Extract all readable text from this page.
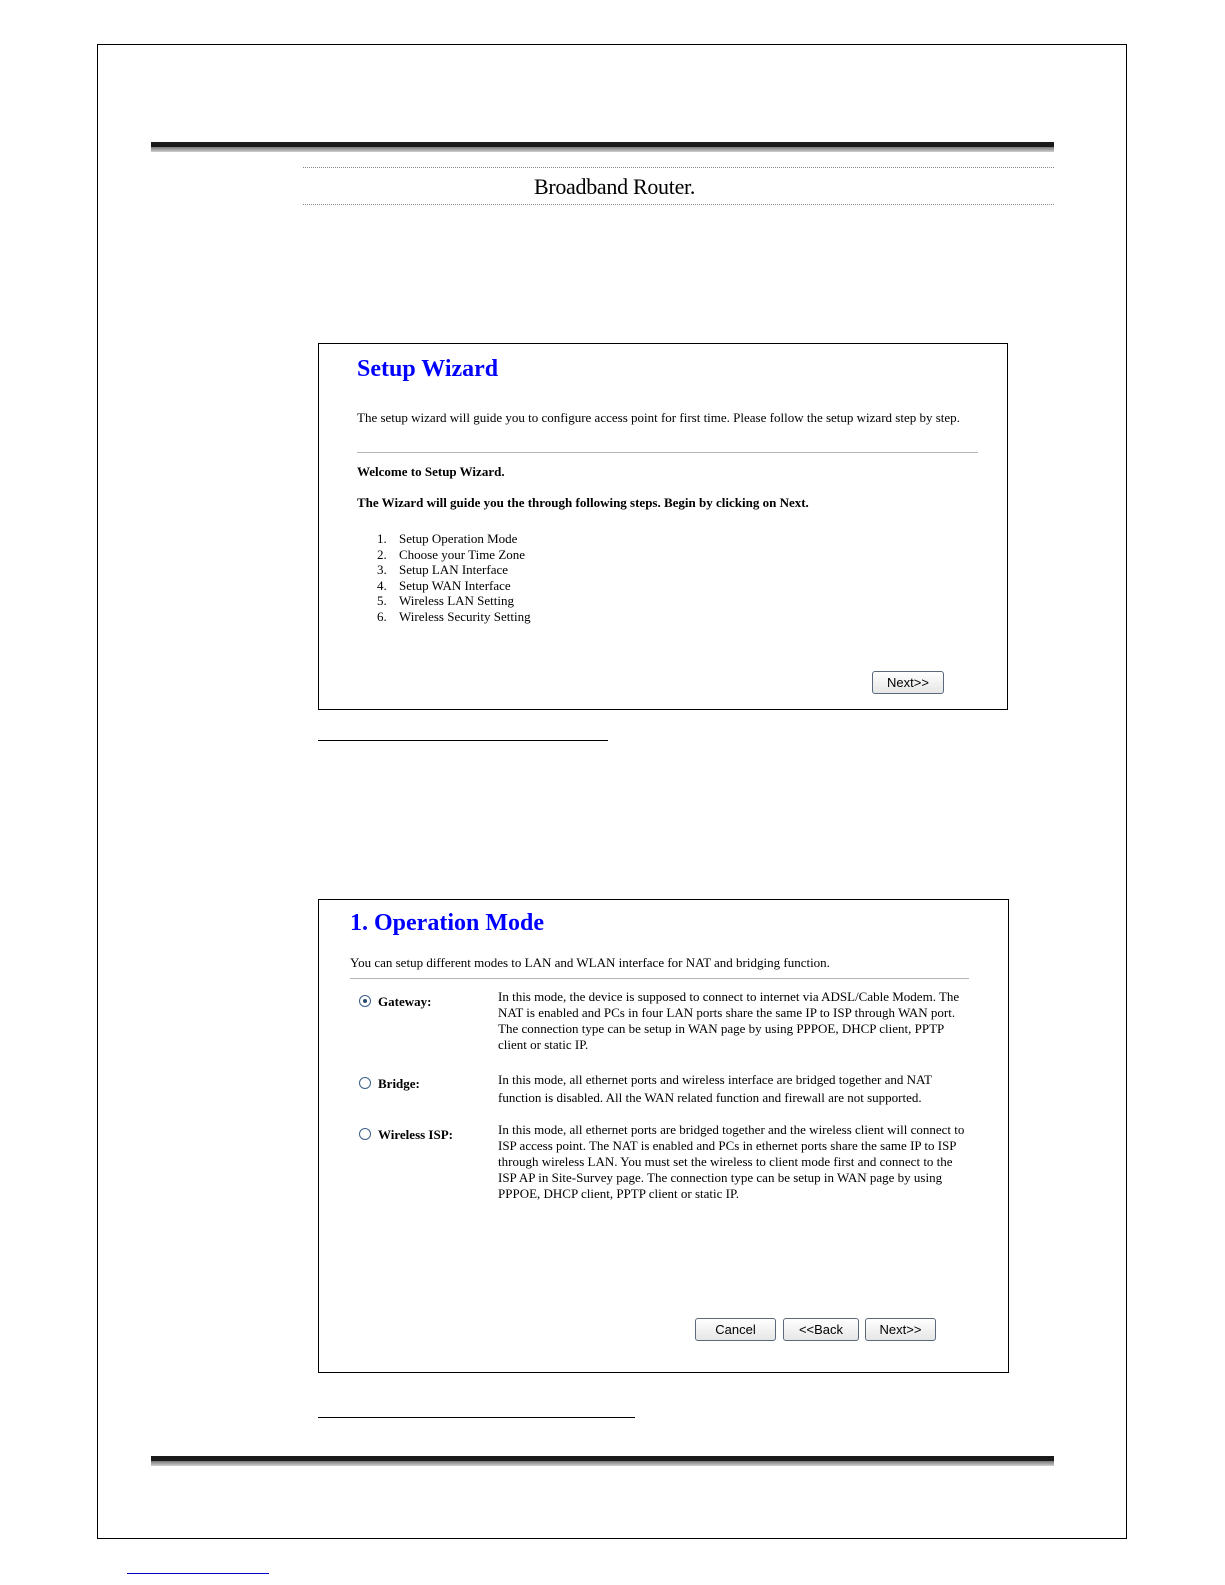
Broadband Router.
Setup Wizard
The setup wizard will guide you to configure access point for first time. Please follow the setup wizard step by step.
Welcome to Setup Wizard.
The Wizard will guide you the through following steps. Begin by clicking on Next.
1. Setup Operation Mode
2. Choose your Time Zone
3. Setup LAN Interface
4. Setup WAN Interface
5. Wireless LAN Setting
6. Wireless Security Setting
Next>>
1. Operation Mode
You can setup different modes to LAN and WLAN interface for NAT and bridging function.
Gateway:	In this mode, the device is supposed to connect to internet via ADSL/Cable Modem. The NAT is enabled and PCs in four LAN ports share the same IP to ISP through WAN port. The connection type can be setup in WAN page by using PPPOE, DHCP client, PPTP client or static IP.
Bridge:	In this mode, all ethernet ports and wireless interface are bridged together and NAT function is disabled. All the WAN related function and firewall are not supported.
Wireless ISP:	In this mode, all ethernet ports are bridged together and the wireless client will connect to ISP access point. The NAT is enabled and PCs in ethernet ports share the same IP to ISP through wireless LAN. You must set the wireless to client mode first and connect to the ISP AP in Site-Survey page. The connection type can be setup in WAN page by using PPPOE, DHCP client, PPTP client or static IP.
Cancel	<<Back	Next>>
